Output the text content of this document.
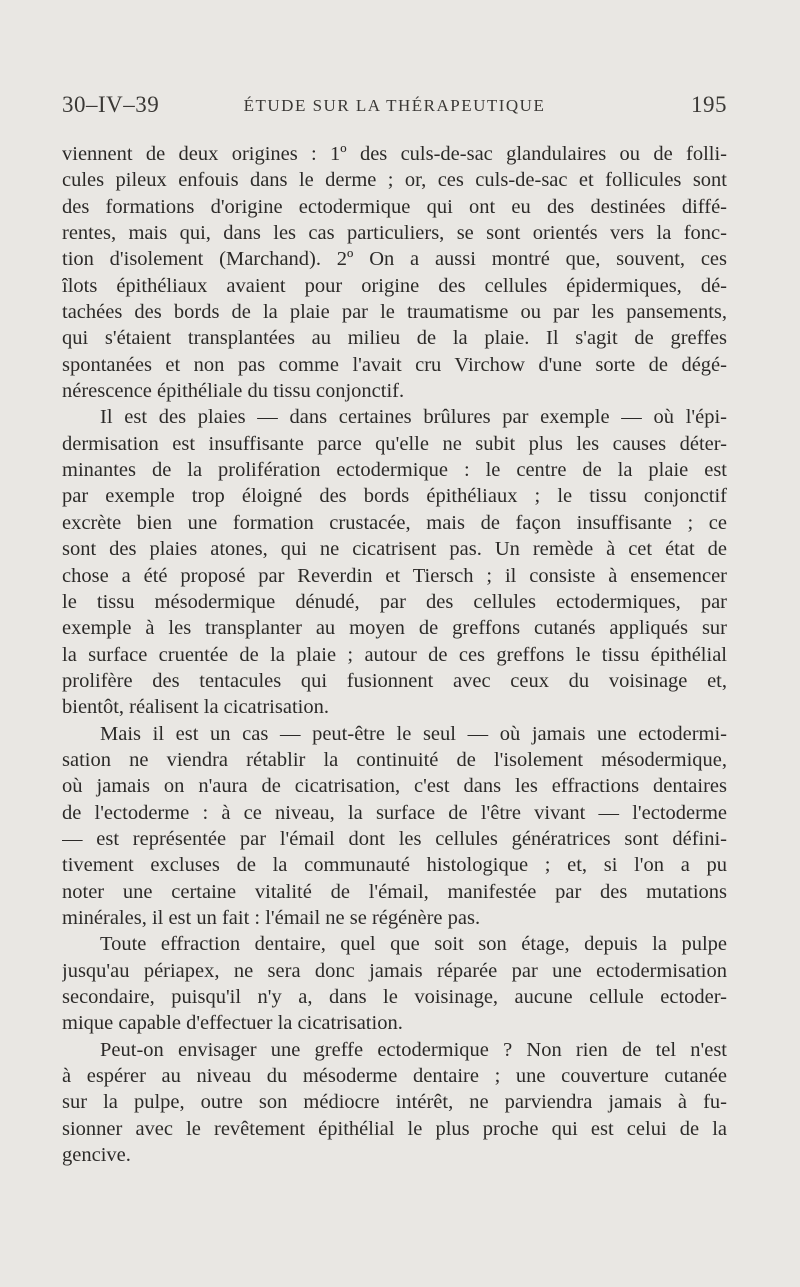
30–IV–39	ÉTUDE SUR LA THÉRAPEUTIQUE	195
viennent de deux origines : 1º des culs-de-sac glandulaires ou de folli-
cules pileux enfouis dans le derme ; or, ces culs-de-sac et follicules sont
des formations d'origine ectodermique qui ont eu des destinées diffé-
rentes, mais qui, dans les cas particuliers, se sont orientés vers la fonc-
tion d'isolement (Marchand). 2º On a aussi montré que, souvent, ces
îlots épithéliaux avaient pour origine des cellules épidermiques, dé-
tachées des bords de la plaie par le traumatisme ou par les pansements,
qui s'étaient transplantées au milieu de la plaie. Il s'agit de greffes
spontanées et non pas comme l'avait cru Virchow d'une sorte de dégé-
nérescence épithéliale du tissu conjonctif.
Il est des plaies — dans certaines brûlures par exemple — où l'épi-
dermisation est insuffisante parce qu'elle ne subit plus les causes déter-
minantes de la prolifération ectodermique : le centre de la plaie est
par exemple trop éloigné des bords épithéliaux ; le tissu conjonctif
excrète bien une formation crustacée, mais de façon insuffisante ; ce
sont des plaies atones, qui ne cicatrisent pas. Un remède à cet état de
chose a été proposé par Reverdin et Tiersch ; il consiste à ensemencer
le tissu mésodermique dénudé, par des cellules ectodermiques, par
exemple à les transplanter au moyen de greffons cutanés appliqués sur
la surface cruentée de la plaie ; autour de ces greffons le tissu épithélial
prolifère des tentacules qui fusionnent avec ceux du voisinage et,
bientôt, réalisent la cicatrisation.
Mais il est un cas — peut-être le seul — où jamais une ectodermi-
sation ne viendra rétablir la continuité de l'isolement mésodermique,
où jamais on n'aura de cicatrisation, c'est dans les effractions dentaires
de l'ectoderme : à ce niveau, la surface de l'être vivant — l'ectoderme
— est représentée par l'émail dont les cellules génératrices sont défini-
tivement excluses de la communauté histologique ; et, si l'on a pu
noter une certaine vitalité de l'émail, manifestée par des mutations
minérales, il est un fait : l'émail ne se régénère pas.
Toute effraction dentaire, quel que soit son étage, depuis la pulpe
jusqu'au périapex, ne sera donc jamais réparée par une ectodermisation
secondaire, puisqu'il n'y a, dans le voisinage, aucune cellule ectoder-
mique capable d'effectuer la cicatrisation.
Peut-on envisager une greffe ectodermique ? Non rien de tel n'est
à espérer au niveau du mésoderme dentaire ; une couverture cutanée
sur la pulpe, outre son médiocre intérêt, ne parviendra jamais à fu-
sionner avec le revêtement épithélial le plus proche qui est celui de la
gencive.
